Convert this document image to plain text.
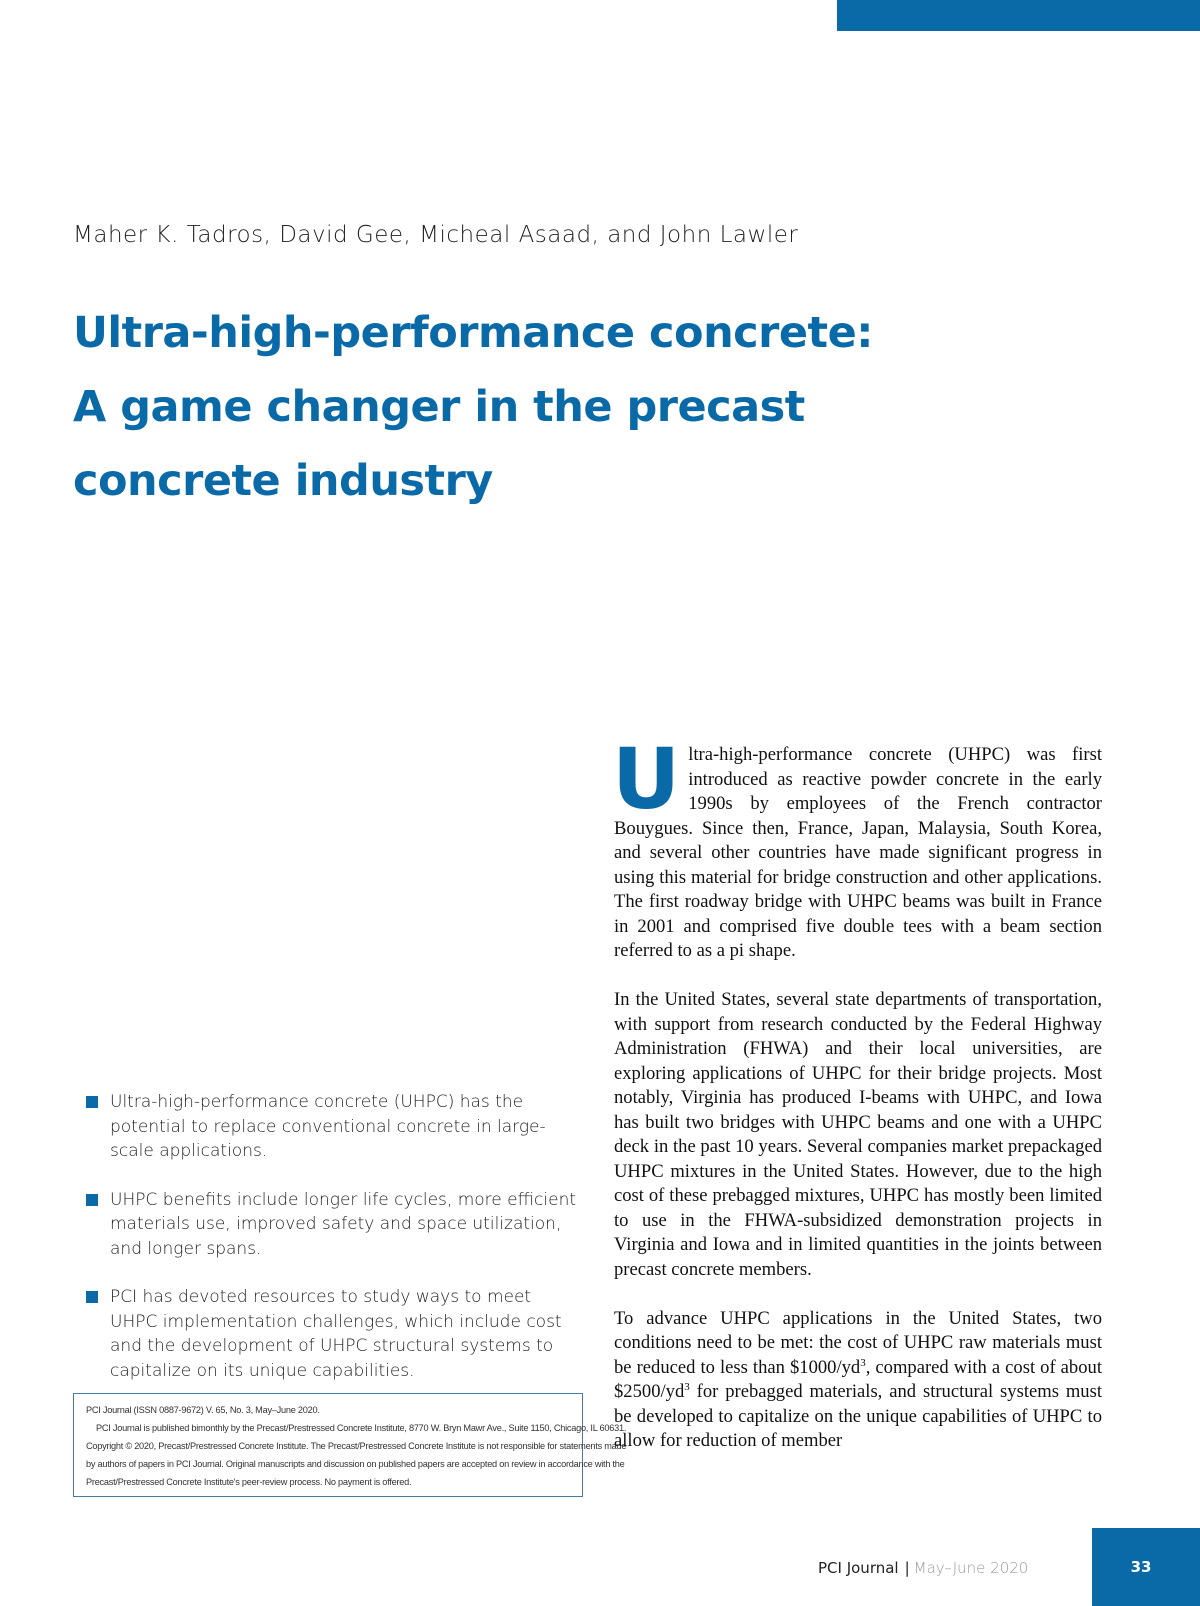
Maher K. Tadros, David Gee, Micheal Asaad, and John Lawler

Ultra-high-performance concrete:
A game changer in the precast
concrete industry
Ultra-high-performance concrete (UHPC) has the potential to replace conventional concrete in large-scale applications.
UHPC benefits include longer life cycles, more efficient materials use, improved safety and space utilization, and longer spans.
PCI has devoted resources to study ways to meet UHPC implementation challenges, which include cost and the development of UHPC structural systems to capitalize on its unique capabilities.

PCI Journal (ISSN 0887-9672) V. 65, No. 3, May–June 2020.

PCI Journal is published bimonthly by the Precast/Prestressed Concrete Institute, 8770 W. Bryn Mawr Ave., Suite 1150, Chicago, IL 60631.

Copyright © 2020, Precast/Prestressed Concrete Institute. The Precast/Prestressed Concrete Institute is not responsible for statements made

by authors of papers in PCI Journal. Original manuscripts and discussion on published papers are accepted on review in accordance with the

Precast/Prestressed Concrete Institute's peer-review process. No payment is offered.

Ultra-high-performance concrete (UHPC) was first introduced as reactive powder concrete in the early 1990s by employees of the French contractor Bouygues. Since then, France, Japan, Malaysia, South Korea, and several other countries have made significant progress in using this material for bridge construction and other applications. The first roadway bridge with UHPC beams was built in France in 2001 and comprised five double tees with a beam section referred to as a pi shape.

In the United States, several state departments of transportation, with support from research conducted by the Federal Highway Administration (FHWA) and their local universities, are exploring applications of UHPC for their bridge projects. Most notably, Virginia has produced I-beams with UHPC, and Iowa has built two bridges with UHPC beams and one with a UHPC deck in the past 10 years. Several companies market prepackaged UHPC mixtures in the United States. However, due to the high cost of these prebagged mixtures, UHPC has mostly been limited to use in the FHWA-subsidized demonstration projects in Virginia and Iowa and in limited quantities in the joints between precast concrete members.

To advance UHPC applications in the United States, two conditions need to be met: the cost of UHPC raw materials must be reduced to less than $\$1000/yd^3$, compared with a cost of about $\$2500/yd^3$ for prebagged materials, and structural systems must be developed to capitalize on the unique capabilities of UHPC to allow for reduction of member

PCI Journal | May–June 2020	33
